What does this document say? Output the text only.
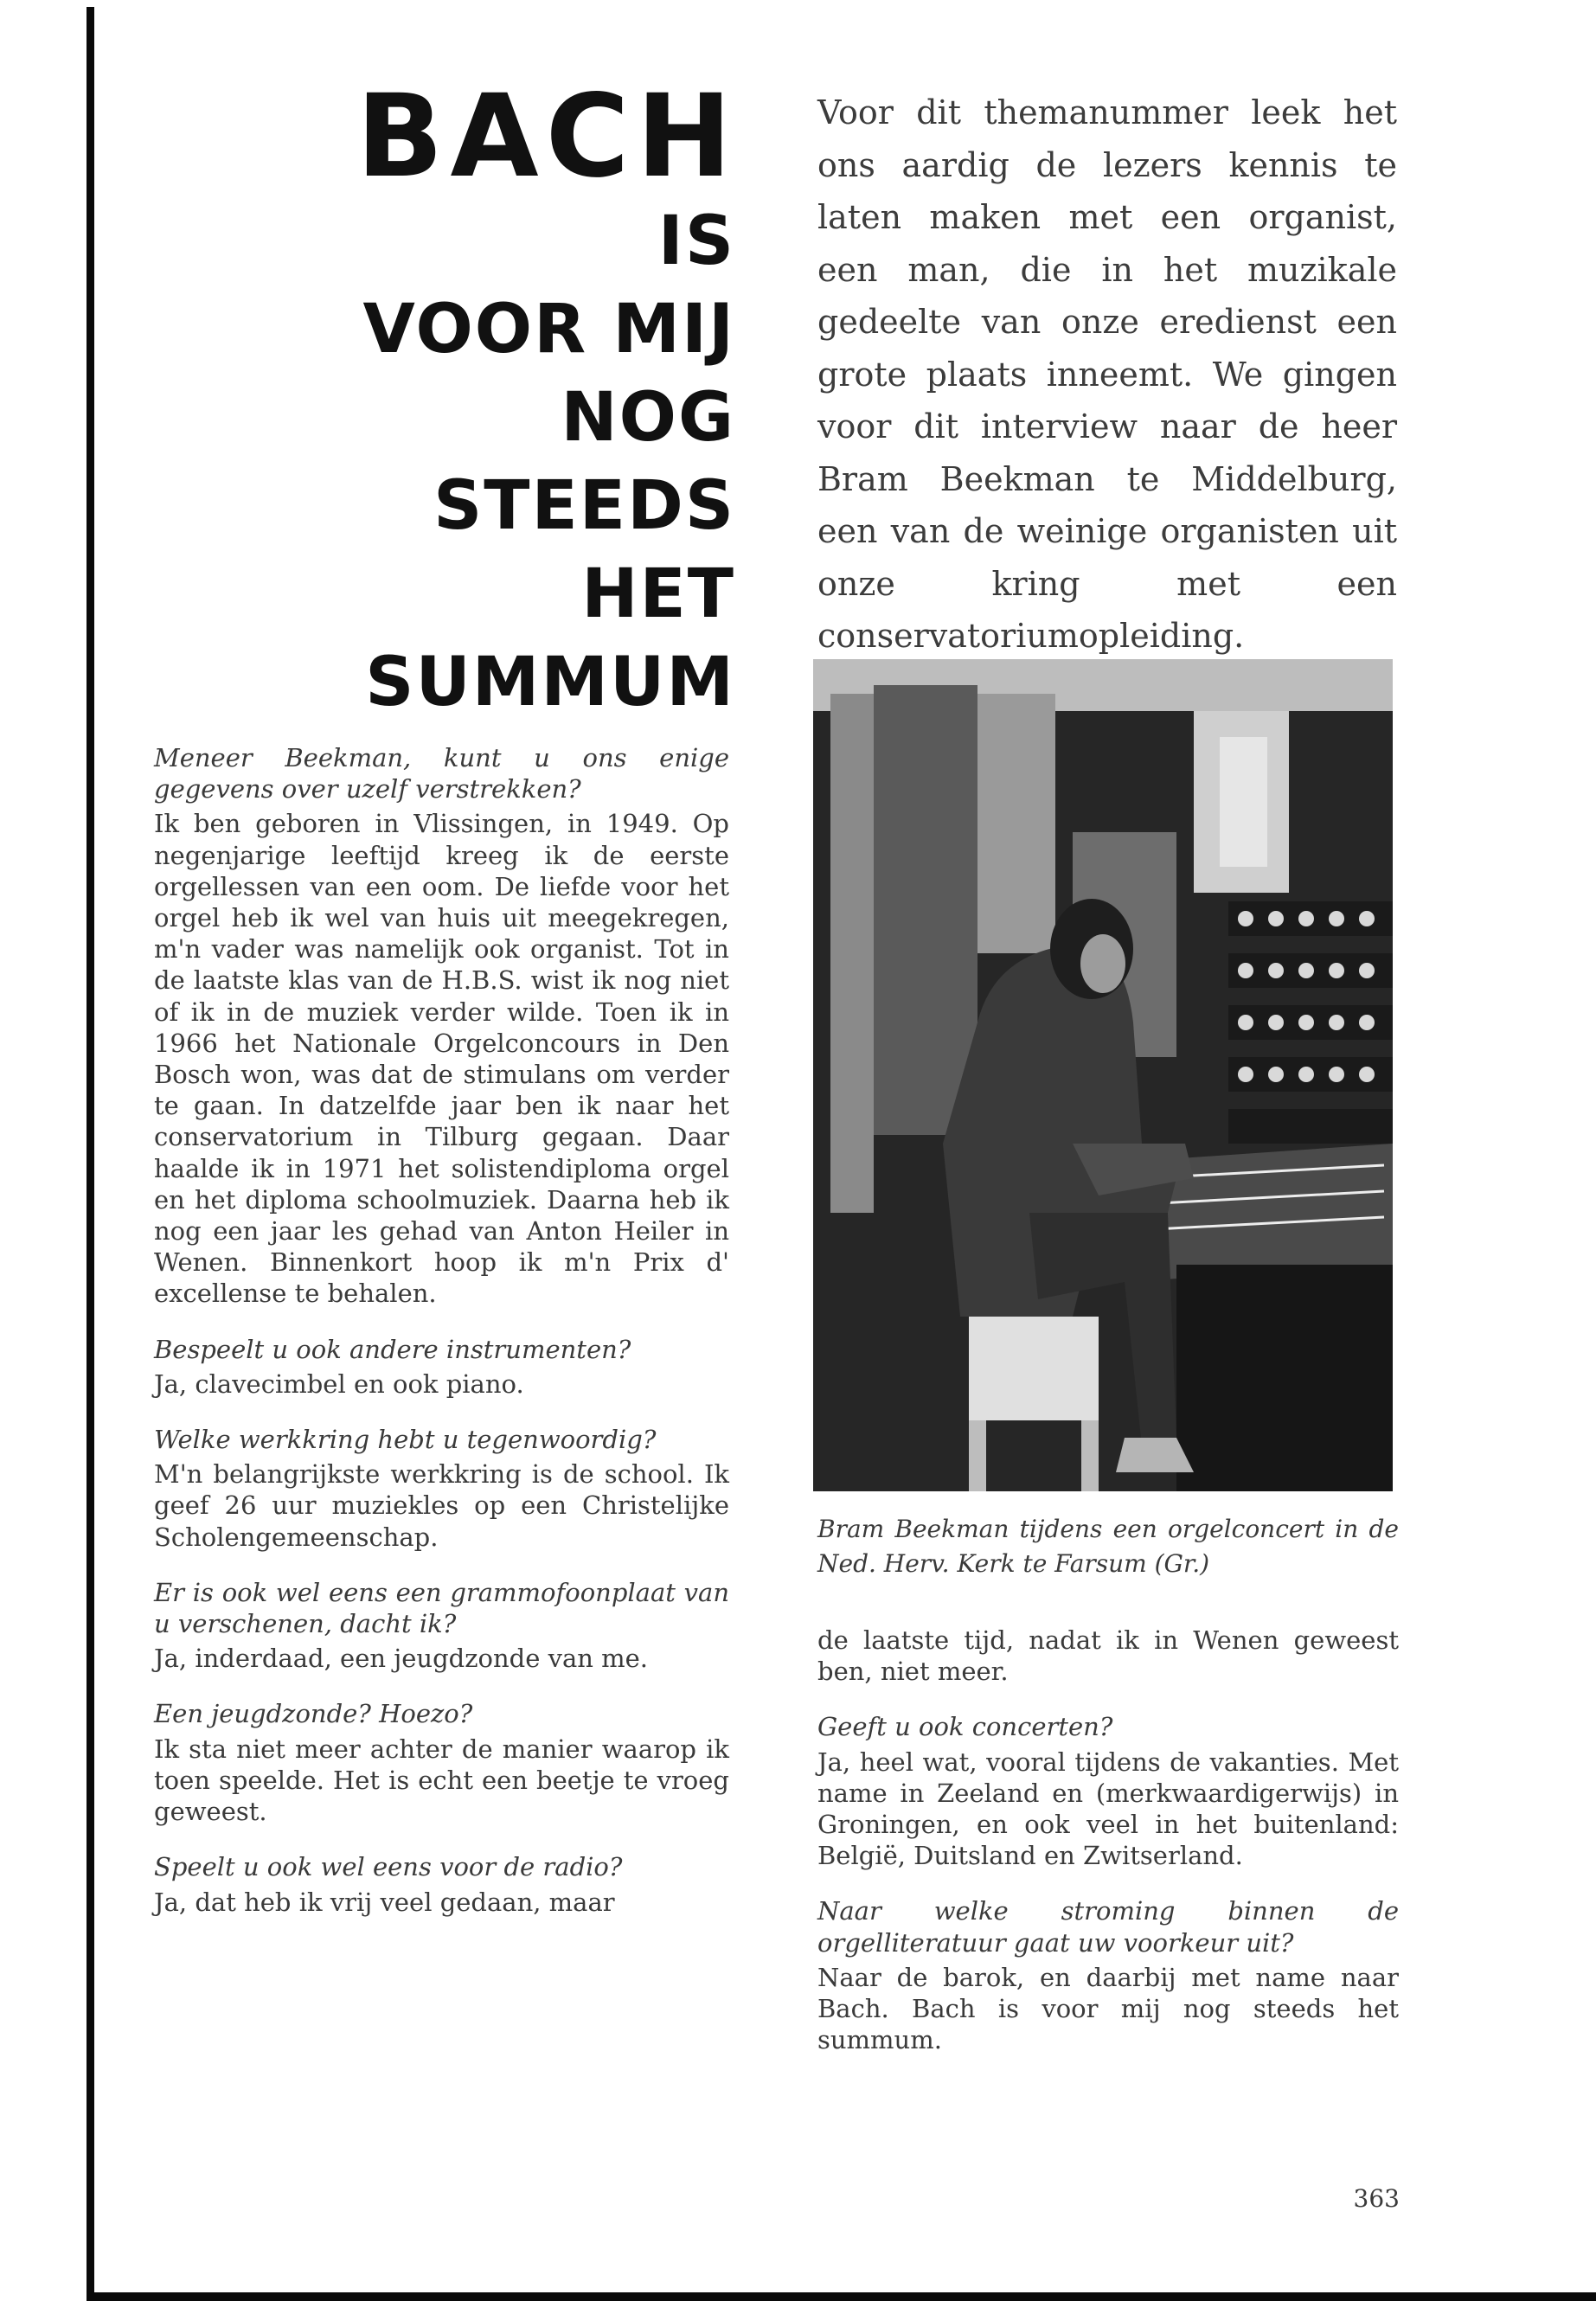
BACH
IS
VOOR MIJ
NOG STEEDS
HET
SUMMUM

Voor dit themanummer leek het ons aardig de lezers kennis te laten maken met een organist, een man, die in het muzikale gedeelte van onze eredienst een grote plaats inneemt. We gingen voor dit interview naar de heer Bram Beekman te Middelburg, een van de weinige organisten uit onze kring met een conservatoriumopleiding.

Bram Beekman tijdens een orgelconcert in de Ned. Herv. Kerk te Farsum (Gr.)

Meneer Beekman, kunt u ons enige gegevens over uzelf verstrekken?

Ik ben geboren in Vlissingen, in 1949. Op negenjarige leeftijd kreeg ik de eerste orgellessen van een oom. De liefde voor het orgel heb ik wel van huis uit meegekregen, m'n vader was namelijk ook organist. Tot in de laatste klas van de H.B.S. wist ik nog niet of ik in de muziek verder wilde. Toen ik in 1966 het Nationale Orgelconcours in Den Bosch won, was dat de stimulans om verder te gaan. In datzelfde jaar ben ik naar het conservatorium in Tilburg gegaan. Daar haalde ik in 1971 het solistendiploma orgel en het diploma schoolmuziek. Daarna heb ik nog een jaar les gehad van Anton Heiler in Wenen. Binnenkort hoop ik m'n Prix d' excellense te behalen.

Bespeelt u ook andere instrumenten?

Ja, clavecimbel en ook piano.

Welke werkkring hebt u tegenwoordig?

M'n belangrijkste werkkring is de school. Ik geef 26 uur muziekles op een Christelijke Scholengemeenschap.

Er is ook wel eens een grammofoonplaat van u verschenen, dacht ik?

Ja, inderdaad, een jeugdzonde van me.

Een jeugdzonde? Hoezo?

Ik sta niet meer achter de manier waarop ik toen speelde. Het is echt een beetje te vroeg geweest.

Speelt u ook wel eens voor de radio?

Ja, dat heb ik vrij veel gedaan, maar

de laatste tijd, nadat ik in Wenen geweest ben, niet meer.

Geeft u ook concerten?

Ja, heel wat, vooral tijdens de vakanties. Met name in Zeeland en (merkwaardigerwijs) in Groningen, en ook veel in het buitenland: België, Duitsland en Zwitserland.

Naar welke stroming binnen de orgelliteratuur gaat uw voorkeur uit?

Naar de barok, en daarbij met name naar Bach. Bach is voor mij nog steeds het summum.

363
